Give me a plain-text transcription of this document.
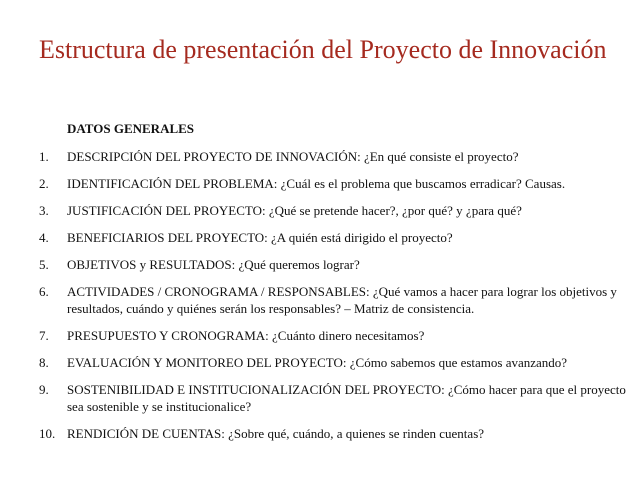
Estructura de presentación del Proyecto de Innovación

DATOS GENERALES

1. DESCRIPCIÓN DEL PROYECTO DE INNOVACIÓN: ¿En qué consiste el proyecto?
2. IDENTIFICACIÓN DEL PROBLEMA: ¿Cuál es el problema que buscamos erradicar? Causas.
3. JUSTIFICACIÓN DEL PROYECTO: ¿Qué se pretende hacer?, ¿por qué? y ¿para qué?
4. BENEFICIARIOS DEL PROYECTO: ¿A quién está dirigido el proyecto?
5. OBJETIVOS y RESULTADOS: ¿Qué queremos lograr?
6. ACTIVIDADES / CRONOGRAMA / RESPONSABLES: ¿Qué vamos a hacer para lograr los objetivos y resultados, cuándo y quiénes serán los responsables? – Matriz de consistencia.
7. PRESUPUESTO Y CRONOGRAMA: ¿Cuánto dinero necesitamos?
8. EVALUACIÓN Y MONITOREO DEL PROYECTO: ¿Cómo sabemos que estamos avanzando?
9. SOSTENIBILIDAD E INSTITUCIONALIZACIÓN DEL PROYECTO: ¿Cómo hacer para que el proyecto sea sostenible y se institucionalice?
10. RENDICIÓN DE CUENTAS: ¿Sobre qué, cuándo, a quienes se rinden cuentas?
